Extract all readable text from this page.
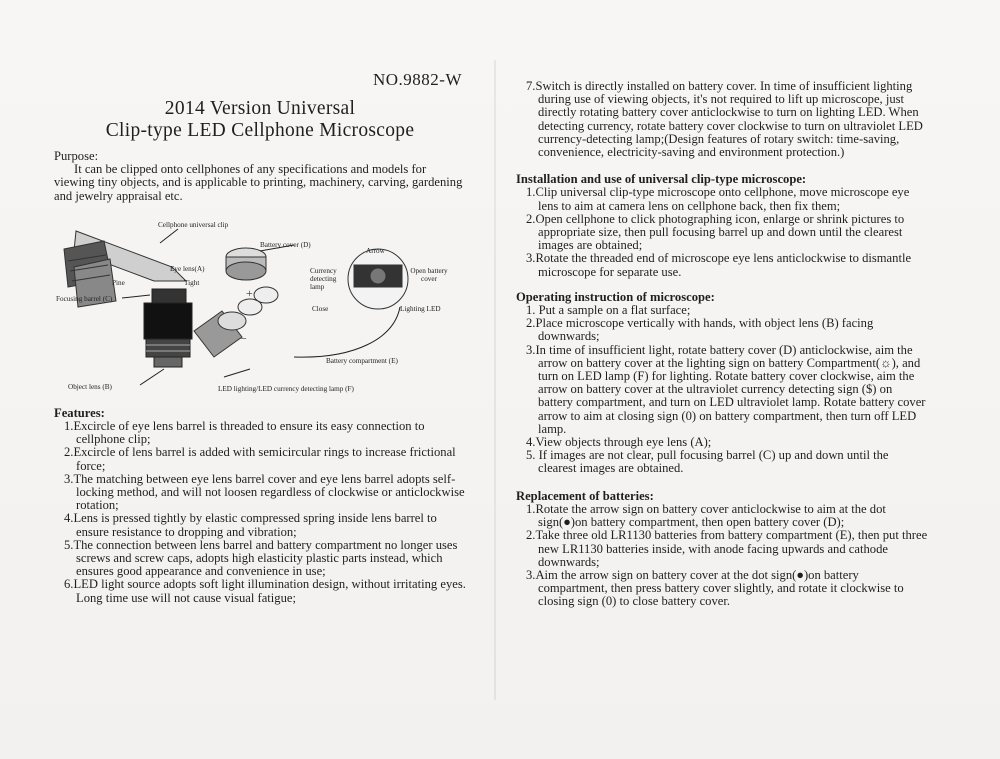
NO.9882-W
2014 Version Universal
Clip-type LED Cellphone Microscope
Purpose:

It can be clipped onto cellphones of any specifications and models for viewing tiny objects, and is applicable to printing, machinery, carving, gardening and jewelry appraisal etc.

+
–
Cellphone universal clip
Battery cover (D)
Eye lens(A)
Pine	Tight
Focusing barrel (C)
Arrow
Currency detecting lamp
Open battery cover
Close	Lighting LED
Battery compartment (E)
Object lens (B)	LED lighting/LED currency detecting lamp (F)

Features:

1.Excircle of eye lens barrel is threaded to ensure its easy connection to cellphone clip;

2.Excircle of lens barrel is added with semicircular rings to increase frictional force;

3.The matching between eye lens barrel cover and eye lens barrel adopts self-locking method, and will not loosen regardless of clockwise or anticlockwise rotation;

4.Lens is pressed tightly by elastic compressed spring inside lens barrel to ensure resistance to dropping and vibration;

5.The connection between lens barrel and battery compartment no longer uses screws and screw caps, adopts high elasticity plastic parts instead, which ensures good appearance and convenience in use;

6.LED light source adopts soft light illumination design, without irritating eyes. Long time use will not cause visual fatigue;

7.Switch is directly installed on battery cover. In time of insufficient lighting during use of viewing objects, it's not required to lift up microscope, just directly rotating battery cover anticlockwise to turn on lighting LED. When detecting currency, rotate battery cover clockwise to turn on ultraviolet LED currency-detecting lamp;(Design features of rotary switch: time-saving, convenience, electricity-saving and environment protection.)

Installation and use of universal clip-type microscope:

1.Clip universal clip-type microscope onto cellphone, move microscope eye lens to aim at camera lens on cellphone back, then fix them;

2.Open cellphone to click photographing icon, enlarge or shrink pictures to appropriate size, then pull focusing barrel up and down until the clearest images are obtained;

3.Rotate the threaded end of microscope eye lens anticlockwise to dismantle microscope for separate use.

Operating instruction of microscope:

1. Put a sample on a flat surface;

2.Place microscope vertically with hands, with object lens (B) facing downwards;

3.In time of insufficient light, rotate battery cover (D) anticlockwise, aim the arrow on battery cover at the lighting sign on battery Compartment(☼), and turn on LED lamp (F) for lighting. Rotate battery cover clockwise, aim the arrow on battery cover at the ultraviolet currency detecting sign ($) on battery compartment, and turn on LED ultraviolet lamp. Rotate battery cover arrow to aim at closing sign (0) on battery compartment, then turn off LED lamp.

4.View objects through eye lens (A);

5. If images are not clear, pull focusing barrel (C) up and down until the clearest images are obtained.

Replacement of batteries:

1.Rotate the arrow sign on battery cover anticlockwise to aim at the dot sign(●)on battery compartment, then open battery cover (D);

2.Take three old LR1130 batteries from battery compartment (E), then put three new LR1130 batteries inside, with anode facing upwards and cathode downwards;

3.Aim the arrow sign on battery cover at the dot sign(●)on battery compartment, then press battery cover slightly, and rotate it clockwise to closing sign (0) to close battery cover.
